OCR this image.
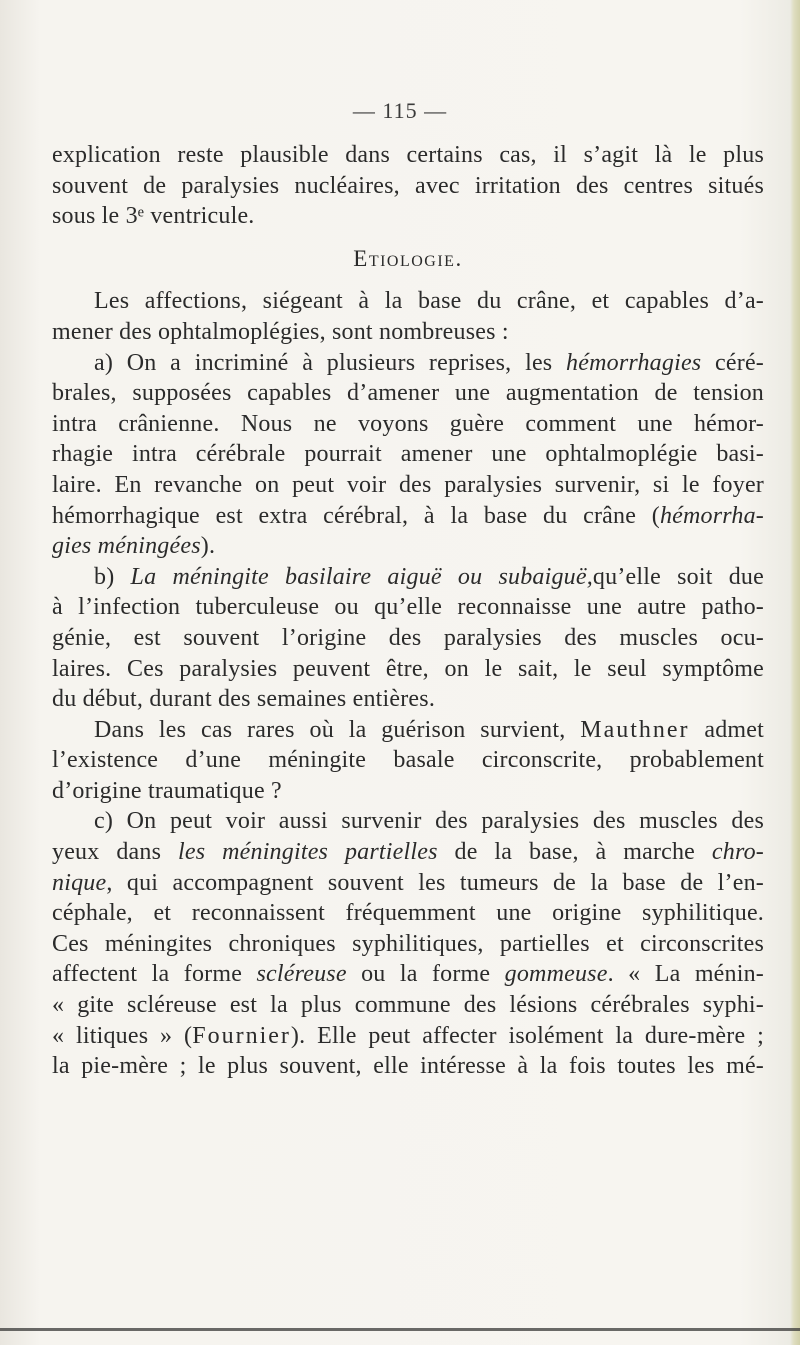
— 115 —
explication reste plausible dans certains cas, il s’agit là le plus
souvent de paralysies nucléaires, avec irritation des centres situés
sous le 3ᵉ ventricule.
Etiologie.
Les affections, siégeant à la base du crâne, et capables d’a-
mener des ophtalmoplégies, sont nombreuses :
a) On a incriminé à plusieurs reprises, les hémorrhagies céré-
brales, supposées capables d’amener une augmentation de tension
intra crânienne. Nous ne voyons guère comment une hémor-
rhagie intra cérébrale pourrait amener une ophtalmoplégie basi-
laire. En revanche on peut voir des paralysies survenir, si le foyer
hémorrhagique est extra cérébral, à la base du crâne (hémorrha-
gies méningées).
b) La méningite basilaire aiguë ou subaiguë,qu’elle soit due
à l’infection tuberculeuse ou qu’elle reconnaisse une autre patho-
génie, est souvent l’origine des paralysies des muscles ocu-
laires. Ces paralysies peuvent être, on le sait, le seul symptôme
du début, durant des semaines entières.
Dans les cas rares où la guérison survient, Mauthner admet
l’existence d’une méningite basale circonscrite, probablement
d’origine traumatique ?
c) On peut voir aussi survenir des paralysies des muscles des
yeux dans les méningites partielles de la base, à marche chro-
nique, qui accompagnent souvent les tumeurs de la base de l’en-
céphale, et reconnaissent fréquemment une origine syphilitique.
Ces méningites chroniques syphilitiques, partielles et circonscrites
affectent la forme scléreuse ou la forme gommeuse. « La ménin-
« gite scléreuse est la plus commune des lésions cérébrales syphi-
« litiques » (Fournier). Elle peut affecter isolément la dure-mère ;
la pie-mère ; le plus souvent, elle intéresse à la fois toutes les mé-
